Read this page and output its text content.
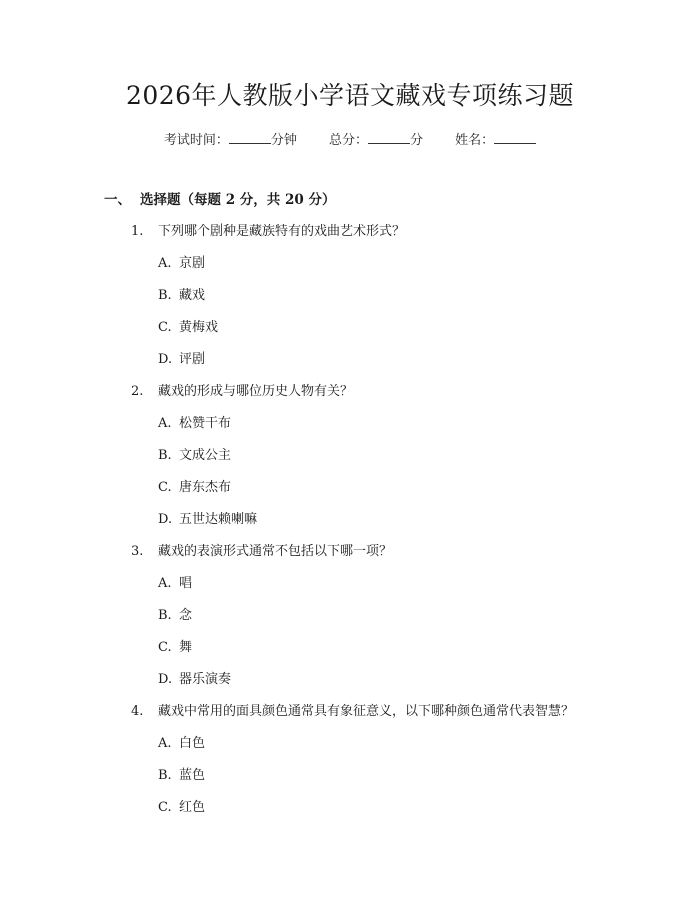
2026年人教版小学语文藏戏专项练习题
考试时间：	分钟 总分：	分 姓名：
一、 选择题（每题 2 分，共 20 分）
1. 下列哪个剧种是藏族特有的戏曲艺术形式？
A. 京剧
B. 藏戏
C. 黄梅戏
D. 评剧
2. 藏戏的形成与哪位历史人物有关？
A. 松赞干布
B. 文成公主
C. 唐东杰布
D. 五世达赖喇嘛
3. 藏戏的表演形式通常不包括以下哪一项？
A. 唱
B. 念
C. 舞
D. 器乐演奏
4. 藏戏中常用的面具颜色通常具有象征意义，以下哪种颜色通常代表智慧？
A. 白色
B. 蓝色
C. 红色
